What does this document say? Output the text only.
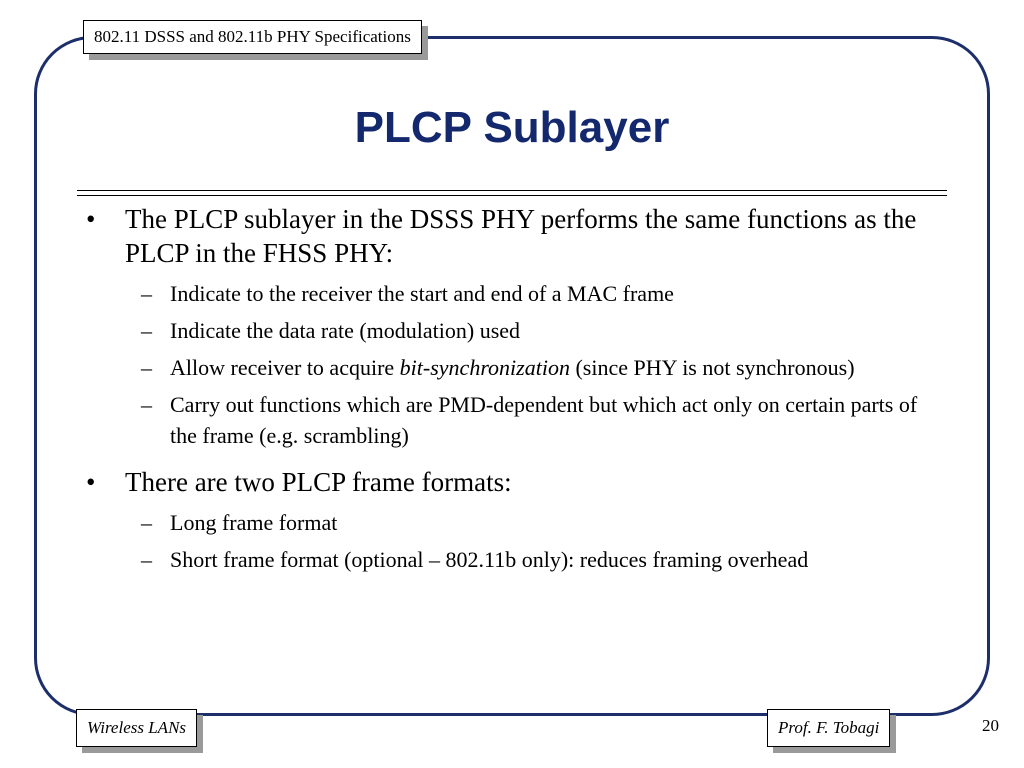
802.11 DSSS and 802.11b PHY Specifications
PLCP Sublayer
• The PLCP sublayer in the DSSS PHY performs the same functions as the PLCP in the FHSS PHY:
– Indicate to the receiver the start and end of a MAC frame
– Indicate the data rate (modulation) used
– Allow receiver to acquire bit-synchronization (since PHY is not synchronous)
– Carry out functions which are PMD-dependent but which act only on certain parts of the frame (e.g. scrambling)
• There are two PLCP frame formats:
– Long frame format
– Short frame format (optional – 802.11b only): reduces framing overhead
Wireless LANs	Prof. F. Tobagi	20
